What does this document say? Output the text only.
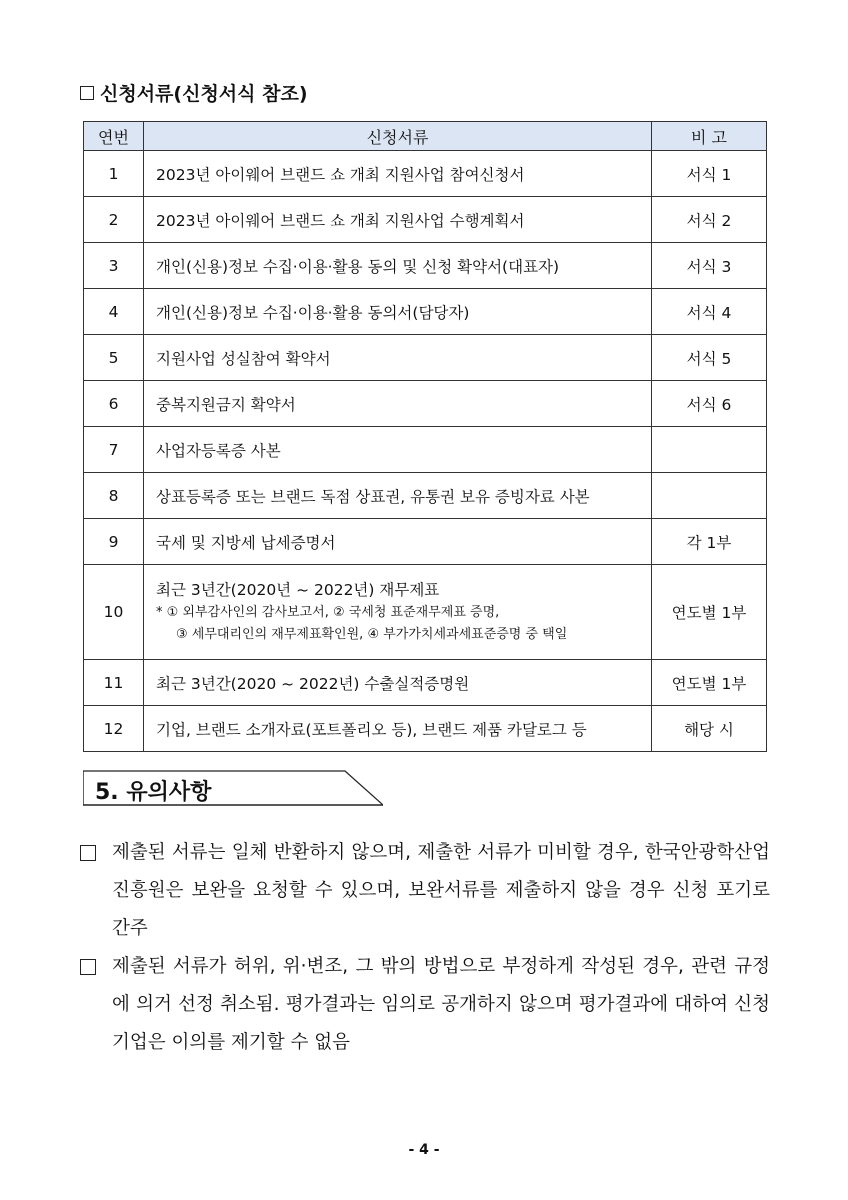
신청서류(신청서식 참조)
연번	신청서류	비 고
1	2023년 아이웨어 브랜드 쇼 개최 지원사업 참여신청서	서식 1
2	2023년 아이웨어 브랜드 쇼 개최 지원사업 수행계획서	서식 2
3	개인(신용)정보 수집·이용·활용 동의 및 신청 확약서(대표자)	서식 3
4	개인(신용)정보 수집·이용·활용 동의서(담당자)	서식 4
5	지원사업 성실참여 확약서	서식 5
6	중복지원금지 확약서	서식 6
7	사업자등록증 사본	
8	상표등록증 또는 브랜드 독점 상표권, 유통권 보유 증빙자료 사본	
9	국세 및 지방세 납세증명서	각 1부
10	최근 3년간(2020년 ~ 2022년) 재무제표
* ① 외부감사인의 감사보고서, ② 국세청 표준재무제표 증명,
③ 세무대리인의 재무제표확인원, ④ 부가가치세과세표준증명 중 택일	연도별 1부
11	최근 3년간(2020 ~ 2022년) 수출실적증명원	연도별 1부
12	기업, 브랜드 소개자료(포트폴리오 등), 브랜드 제품 카달로그 등	해당 시
5. 유의사항
제출된 서류는 일체 반환하지 않으며, 제출한 서류가 미비할 경우, 한국안광학산업진흥원은 보완을 요청할 수 있으며, 보완서류를 제출하지 않을 경우 신청 포기로 간주
제출된 서류가 허위, 위·변조, 그 밖의 방법으로 부정하게 작성된 경우, 관련 규정에 의거 선정 취소됨. 평가결과는 임의로 공개하지 않으며 평가결과에 대하여 신청기업은 이의를 제기할 수 없음
- 4 -
